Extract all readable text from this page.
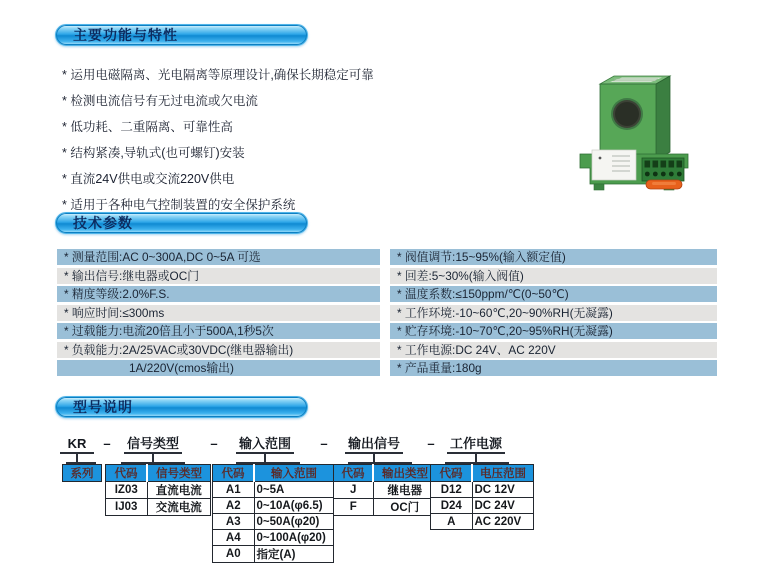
主要功能与特性
* 运用电磁隔离、光电隔离等原理设计,确保长期稳定可靠
* 检测电流信号有无过电流或欠电流
* 低功耗、二重隔离、可靠性高
* 结构紧凑,导轨式(也可螺钉)安装
* 直流24V供电或交流220V供电
* 适用于各种电气控制装置的安全保护系统
技术参数
* 测量范围:AC 0~300A,DC 0~5A 可选
* 输出信号:继电器或OC门
* 精度等级:2.0%F.S.
* 响应时间:≤300ms
* 过载能力:电流20倍且小于500A,1秒5次
* 负载能力:2A/25VAC或30VDC(继电器输出)
1A/220V(cmos输出)
* 阀值调节:15~95%(输入额定值)
* 回差:5~30%(输入阀值)
* 温度系数:≤150ppm/℃(0~50℃)
* 工作环境:-10~60℃,20~90%RH(无凝露)
* 贮存环境:-10~70℃,20~95%RH(无凝露)
* 工作电源:DC 24V、AC 220V
* 产品重量:180g
型号说明
KR	–	信号类型	–	输入范围	–	输出信号	–	工作电源
系列 代码	信号类型
IZ03	直流电流
IJ03	交流电流
代码	输入范围
A1	0~5A
A2	0~10A(φ6.5)
A3	0~50A(φ20)
A4	0~100A(φ20)
A0	指定(A)
代码	输出类型
J	继电器
F	OC门
代码	电压范围
D12	DC 12V
D24	DC 24V
A	AC 220V
